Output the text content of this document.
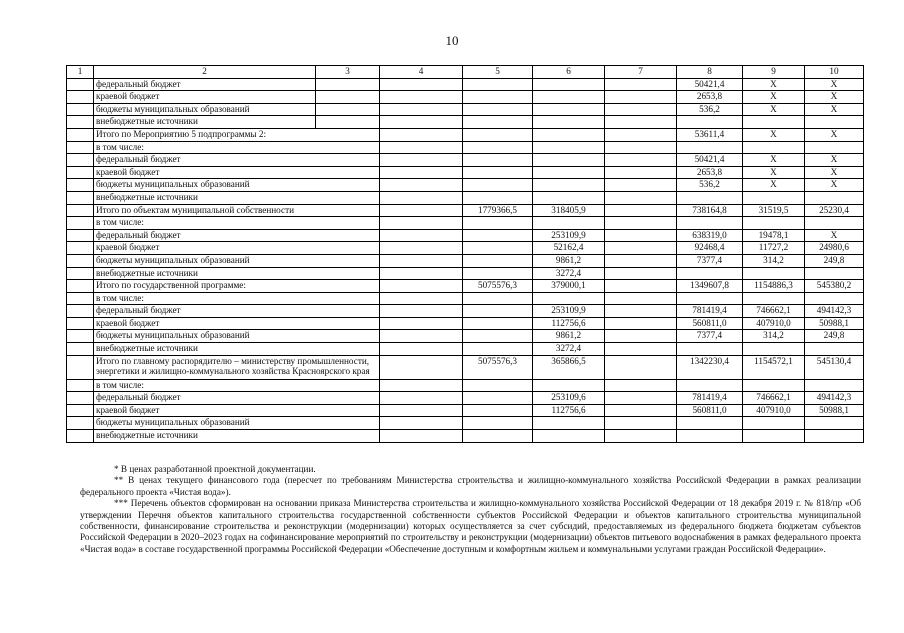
10
1	2	3	4	5	6	7	8	9	10
	федеральный бюджет						50421,4	X	X
	краевой бюджет						2653,8	X	X
	бюджеты муниципальных образований						536,2	X	X
	внебюджетные источники								
	Итого по Мероприятию 5 подпрограммы 2:						53611,4	X	X
	в том числе:								
	федеральный бюджет						50421,4	X	X
	краевой бюджет						2653,8	X	X
	бюджеты муниципальных образований						536,2	X	X
	внебюджетные источники								
	Итого по объектам муниципальной собственности			1779366,5	318405,9		738164,8	31519,5	25230,4
	в том числе:								
	федеральный бюджет				253109,9		638319,0	19478,1	X
	краевой бюджет				52162,4		92468,4	11727,2	24980,6
	бюджеты муниципальных образований				9861,2		7377,4	314,2	249,8
	внебюджетные источники				3272,4				
	Итого по государственной программе:			5075576,3	379000,1		1349607,8	1154886,3	545380,2
	в том числе:								
	федеральный бюджет				253109,9		781419,4	746662,1	494142,3
	краевой бюджет				112756,6		560811,0	407910,0	50988,1
	бюджеты муниципальных образований				9861,2		7377,4	314,2	249,8
	внебюджетные источники				3272,4				
	Итого по главному распорядителю – министерству промышленности, энергетики и жилищно-коммунального хозяйства Красноярского края			5075576,3	365866,5		1342230,4	1154572,1	545130,4
	в том числе:								
	федеральный бюджет				253109,6		781419,4	746662,1	494142,3
	краевой бюджет				112756,6		560811,0	407910,0	50988,1
	бюджеты муниципальных образований								
	внебюджетные источники								

* В ценах разработанной проектной документации.

** В ценах текущего финансового года (пересчет по требованиям Министерства строительства и жилищно-коммунального хозяйства Российской Федерации в рамках реализации федерального проекта «Чистая вода»).

*** Перечень объектов сформирован на основании приказа Министерства строительства и жилищно-коммунального хозяйства Российской Федерации от 18 декабря 2019 г. № 818/пр «Об утверждении Перечня объектов капитального строительства государственной собственности субъектов Российской Федерации и объектов капитального строительства муниципальной собственности, финансирование строительства и реконструкции (модернизации) которых осуществляется за счет субсидий, предоставляемых из федерального бюджета бюджетам субъектов Российской Федерации в 2020–2023 годах на софинансирование мероприятий по строительству и реконструкции (модернизации) объектов питьевого водоснабжения в рамках федерального проекта «Чистая вода» в составе государственной программы Российской Федерации «Обеспечение доступным и комфортным жильем и коммунальными услугами граждан Российской Федерации».
